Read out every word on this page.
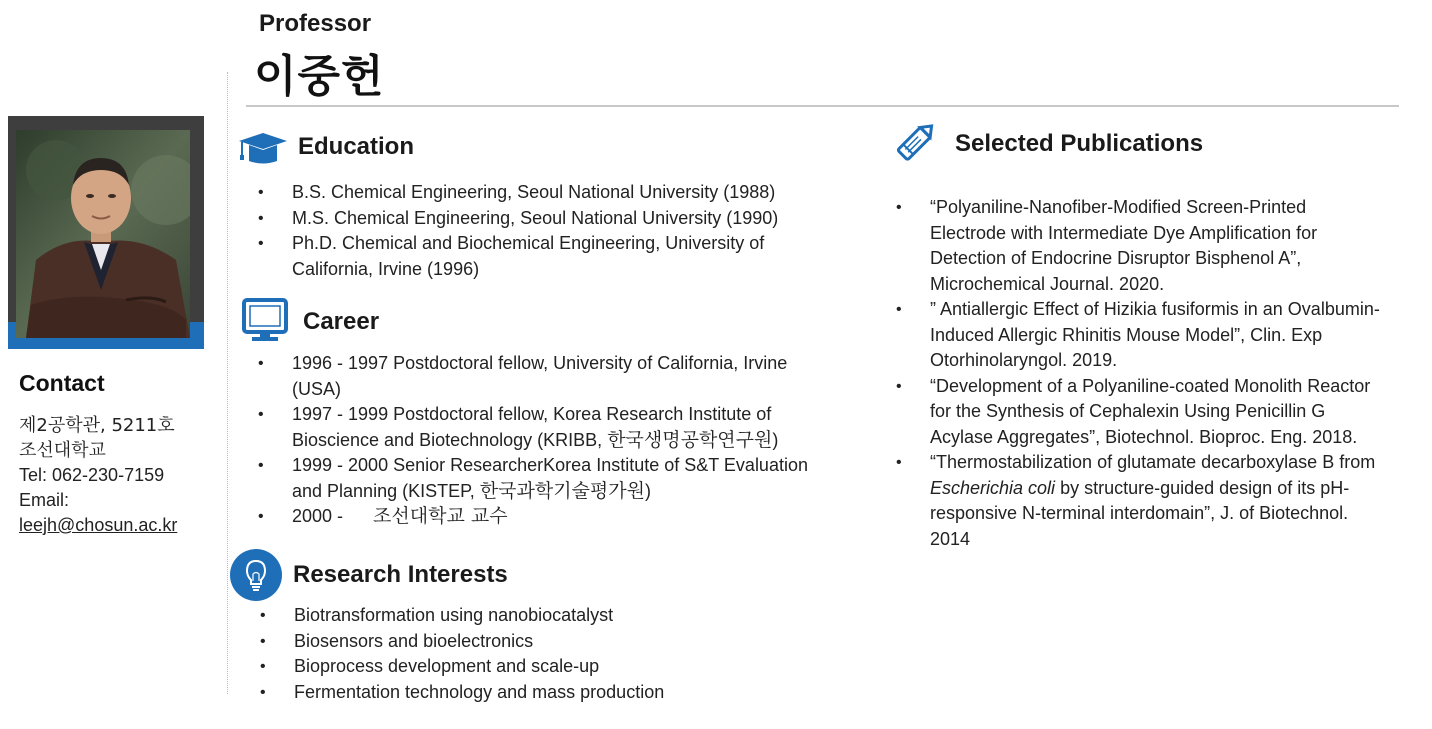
Professor
이중헌
Contact
제2공학관, 5211호
조선대학교
Tel: 062-230-7159
Email:
leejh@chosun.ac.kr
Education
• B.S. Chemical Engineering, Seoul National University (1988)
• M.S. Chemical Engineering, Seoul National University (1990)
• Ph.D. Chemical and Biochemical Engineering, University of California, Irvine (1996)
Career
• 1996 - 1997 Postdoctoral fellow, University of California, Irvine (USA)
• 1997 - 1999 Postdoctoral fellow, Korea Research Institute of Bioscience and Biotechnology (KRIBB, 한국생명공학연구원)
• 1999 - 2000 Senior ResearcherKorea Institute of S&T Evaluation and Planning (KISTEP, 한국과학기술평가원)
• 2000 -      조선대학교 교수
Research Interests
• Biotransformation using nanobiocatalyst
• Biosensors and bioelectronics
• Bioprocess development and scale-up
• Fermentation technology and mass production
Selected Publications
• “Polyaniline-Nanofiber-Modified Screen-Printed Electrode with Intermediate Dye Amplification for Detection of Endocrine Disruptor Bisphenol A”, Microchemical Journal. 2020.
• ” Antiallergic Effect of Hizikia fusiformis in an Ovalbumin-Induced Allergic Rhinitis Mouse Model”, Clin. Exp Otorhinolaryngol. 2019.
• “Development of a Polyaniline-coated Monolith Reactor for the Synthesis of Cephalexin Using Penicillin G Acylase Aggregates”, Biotechnol. Bioproc. Eng. 2018.
• “Thermostabilization of glutamate decarboxylase B from Escherichia coli by structure-guided design of its pH-responsive N-terminal interdomain”, J. of Biotechnol. 2014
